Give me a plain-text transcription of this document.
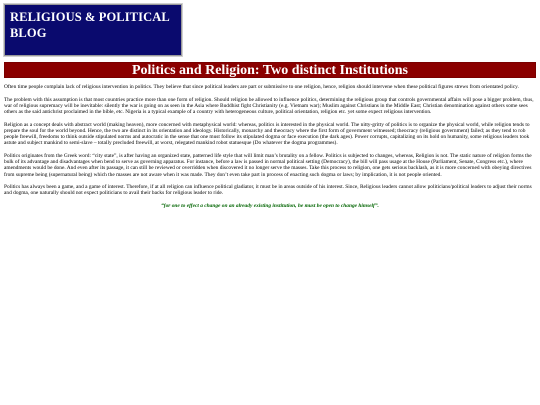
RELIGIOUS & POLITICAL BLOG
Politics and Religion: Two distinct Institutions

Often time people complain lack of religious intervention in politics. They believe that since political leaders are part or submissive to one religion, hence, religion should intervene when these political figures strews from orientated policy.

The problem with this assumption is that most countries practice more than one form of religion. Should religion be allowed to influence politics, determining the religious group that controls governmental affairs will pose a bigger problem, thus, war of religious supremacy will be inevitable: silently the war is going on as seen in the Asia where Buddhist fight Christianity (e.g. Vietnam war); Muslim against Christians in the Middle East; Christian denomination against others some sees others as the said antichrist proclaimed in the bible, etc. Nigeria is a typical example of a country with heterogeneous culture, political orientation, religion etc. yet some expect religious intervention.

Religion as a concept deals with abstract world (making heaven), more concerned with metaphysical world: whereas, politics is interested in the physical world. The nitty-gritty of politics is to organize the physical world, while religion tends to prepare the soul for the world beyond. Hence, the two are distinct in its orientation and ideology. Historically, monarchy and theocracy where the first form of government witnessed; theocracy (religious government) failed; as they tend to rob people freewill, freedoms to think outside stipulated norms and autocratic in the sense that one must follow its stipulated dogma or face execution (the dark ages). Power corrupts, capitalizing on its hold on humanity, some religious leaders took astute and subject mankind to semi-slave – totally precluded freewill, at worst, relegated mankind robot statuesque (Do whatever the dogma programmes).

Politics originates from the Greek word: “city state”, is after having an organized state, patterned life style that will limit man’s brutality on a fellow. Politics is subjected to changes, whereas, Religion is not. The static nature of religion forms the bulk of its advantage and disadvantages when bend to serve as governing apparatus. For instance, before a law is passed in normal political setting (Democracy), the bill will pass usage at the House (Parliament, Senate, Congress etc.), where amendments would be done. And even after its passage, it can still be reviewed or overridden when discovered it no longer serve the masses. Take this process to religion, one gets serious backlash, as it is more concerned with obeying directives from supreme being (supernatural being) which the masses are not aware when it was made. They don’t even take part in process of enacting such dogma or laws; by implication, it is not people oriented.

Politics has always been a game, and a game of interest. Therefore, if at all religion can influence political gladiator, it must be in areas outside of his interest. Since, Religious leaders cannot allow politicians/political leaders to adjust their norms and dogma, one naturally should not expect politicians to avail their backs for religious leader to ride.

“for one to effect a change on an already existing institution, he must be open to change himself”.
